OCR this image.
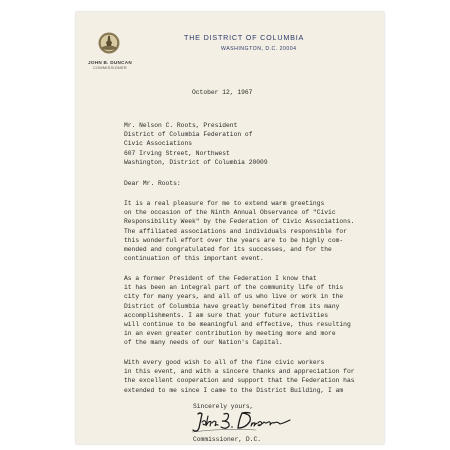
JOHN B. DUNCAN
COMMISSIONER
THE DISTRICT OF COLUMBIA
WASHINGTON, D.C. 20004
October 12, 1967
Mr. Nelson C. Roots, President
District of Columbia Federation of
Civic Associations
607 Irving Street, Northwest
Washington, District of Columbia 20009
Dear Mr. Roots:
It is a real pleasure for me to extend warm greetings
on the occasion of the Ninth Annual Observance of "Civic
Responsibility Week" by the Federation of Civic Associations.
The affiliated associations and individuals responsible for
this wonderful effort over the years are to be highly com-
mended and congratulated for its successes, and for the
continuation of this important event.
As a former President of the Federation I know that
it has been an integral part of the community life of this
city for many years, and all of us who live or work in the
District of Columbia have greatly benefited from its many
accomplishments. I am sure that your future activities
will continue to be meaningful and effective, thus resulting
in an even greater contribution by meeting more and more
of the many needs of our Nation's Capital.
With every good wish to all of the fine civic workers
in this event, and with a sincere thanks and appreciation for
the excellent cooperation and support that the Federation has
extended to me since I came to the District Building, I am
Sincerely yours,
Commissioner, D.C.
